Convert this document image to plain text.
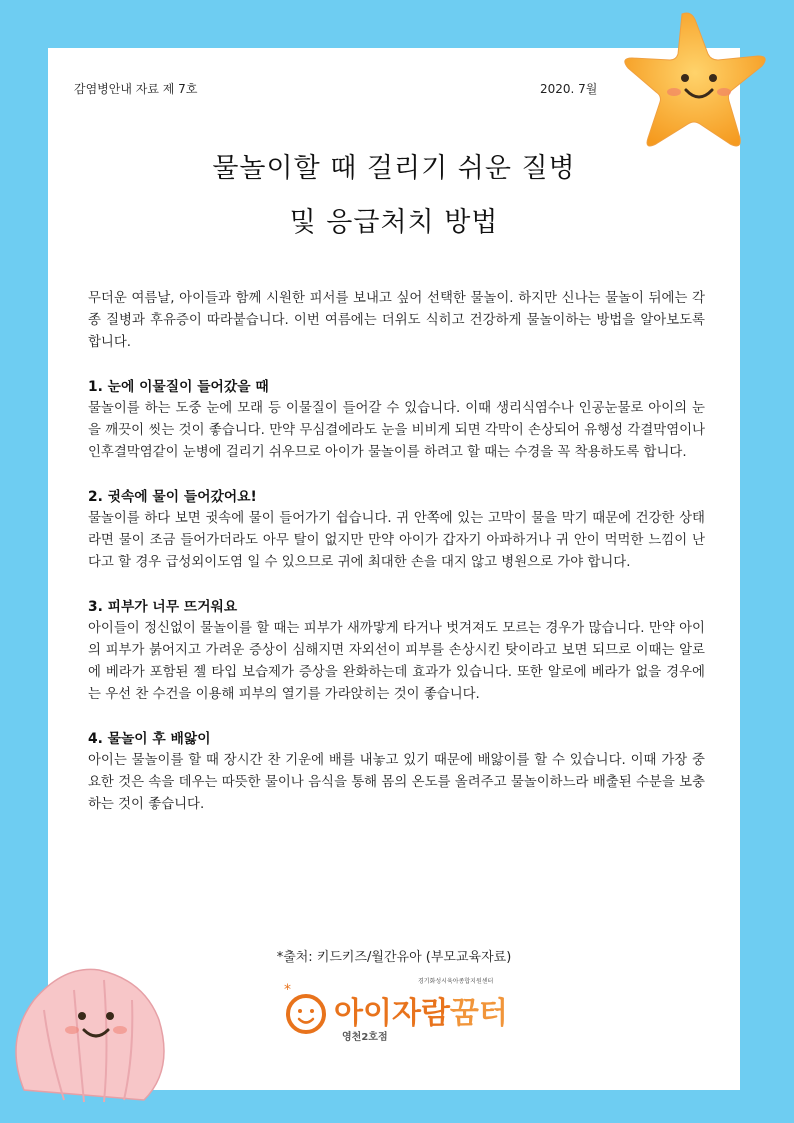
감염병안내 자료 제 7호	2020. 7월
물놀이할 때 걸리기 쉬운 질병
및 응급처치 방법

무더운 여름날, 아이들과 함께 시원한 피서를 보내고 싶어 선택한 물놀이. 하지만 신나는 물놀이 뒤에는 각종 질병과 후유증이 따라붙습니다. 이번 여름에는 더위도 식히고 건강하게 물놀이하는 방법을 알아보도록 합니다.

1. 눈에 이물질이 들어갔을 때

물놀이를 하는 도중 눈에 모래 등 이물질이 들어갈 수 있습니다. 이때 생리식염수나 인공눈물로 아이의 눈을 깨끗이 씻는 것이 좋습니다. 만약 무심결에라도 눈을 비비게 되면 각막이 손상되어 유행성 각결막염이나 인후결막염같이 눈병에 걸리기 쉬우므로 아이가 물놀이를 하려고 할 때는 수경을 꼭 착용하도록 합니다.

2. 귓속에 물이 들어갔어요!

물놀이를 하다 보면 귓속에 물이 들어가기 쉽습니다. 귀 안쪽에 있는 고막이 물을 막기 때문에 건강한 상태라면 물이 조금 들어가더라도 아무 탈이 없지만 만약 아이가 갑자기 아파하거나 귀 안이 먹먹한 느낌이 난다고 할 경우 급성외이도염 일 수 있으므로 귀에 최대한 손을 대지 않고 병원으로 가야 합니다.

3. 피부가 너무 뜨거워요

아이들이 정신없이 물놀이를 할 때는 피부가 새까맣게 타거나 벗겨져도 모르는 경우가 많습니다. 만약 아이의 피부가 붉어지고 가려운 증상이 심해지면 자외선이 피부를 손상시킨 탓이라고 보면 되므로 이때는 알로에 베라가 포함된 젤 타입 보습제가 증상을 완화하는데 효과가 있습니다. 또한 알로에 베라가 없을 경우에는 우선 찬 수건을 이용해 피부의 열기를 가라앉히는 것이 좋습니다.

4. 물놀이 후 배앓이

아이는 물놀이를 할 때 장시간 찬 기운에 배를 내놓고 있기 때문에 배앓이를 할 수 있습니다. 이때 가장 중요한 것은 속을 데우는 따뜻한 물이나 음식을 통해 몸의 온도를 올려주고 물놀이하느라 배출된 수분을 보충하는 것이 좋습니다.

*출처: 키드키즈/월간유아 (부모교육자료)
*
경기화성시육아종합지원센터
아이자람꿈터
영천2호점
